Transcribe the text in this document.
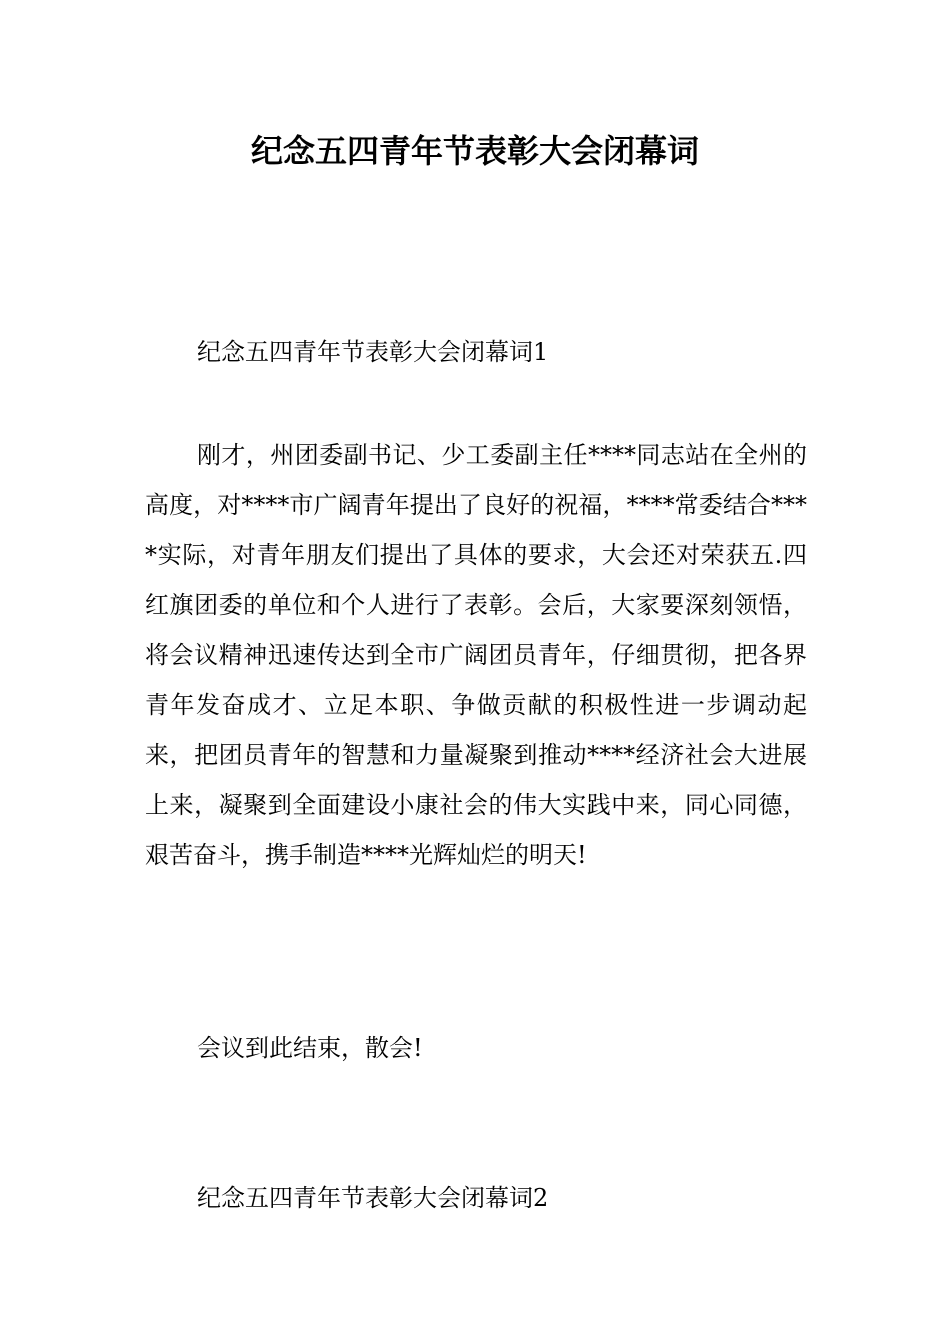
纪念五四青年节表彰大会闭幕词

纪念五四青年节表彰大会闭幕词1

刚才，州团委副书记、少工委副主任****同志站在全州的高度，对****市广阔青年提出了良好的祝福，****常委结合****实际，对青年朋友们提出了具体的要求，大会还对荣获五.四红旗团委的单位和个人进行了表彰。会后，大家要深刻领悟，将会议精神迅速传达到全市广阔团员青年，仔细贯彻，把各界青年发奋成才、立足本职、争做贡献的积极性进一步调动起来，把团员青年的智慧和力量凝聚到推动****经济社会大进展上来，凝聚到全面建设小康社会的伟大实践中来，同心同德，艰苦奋斗，携手制造****光辉灿烂的明天!

会议到此结束，散会!

纪念五四青年节表彰大会闭幕词2
